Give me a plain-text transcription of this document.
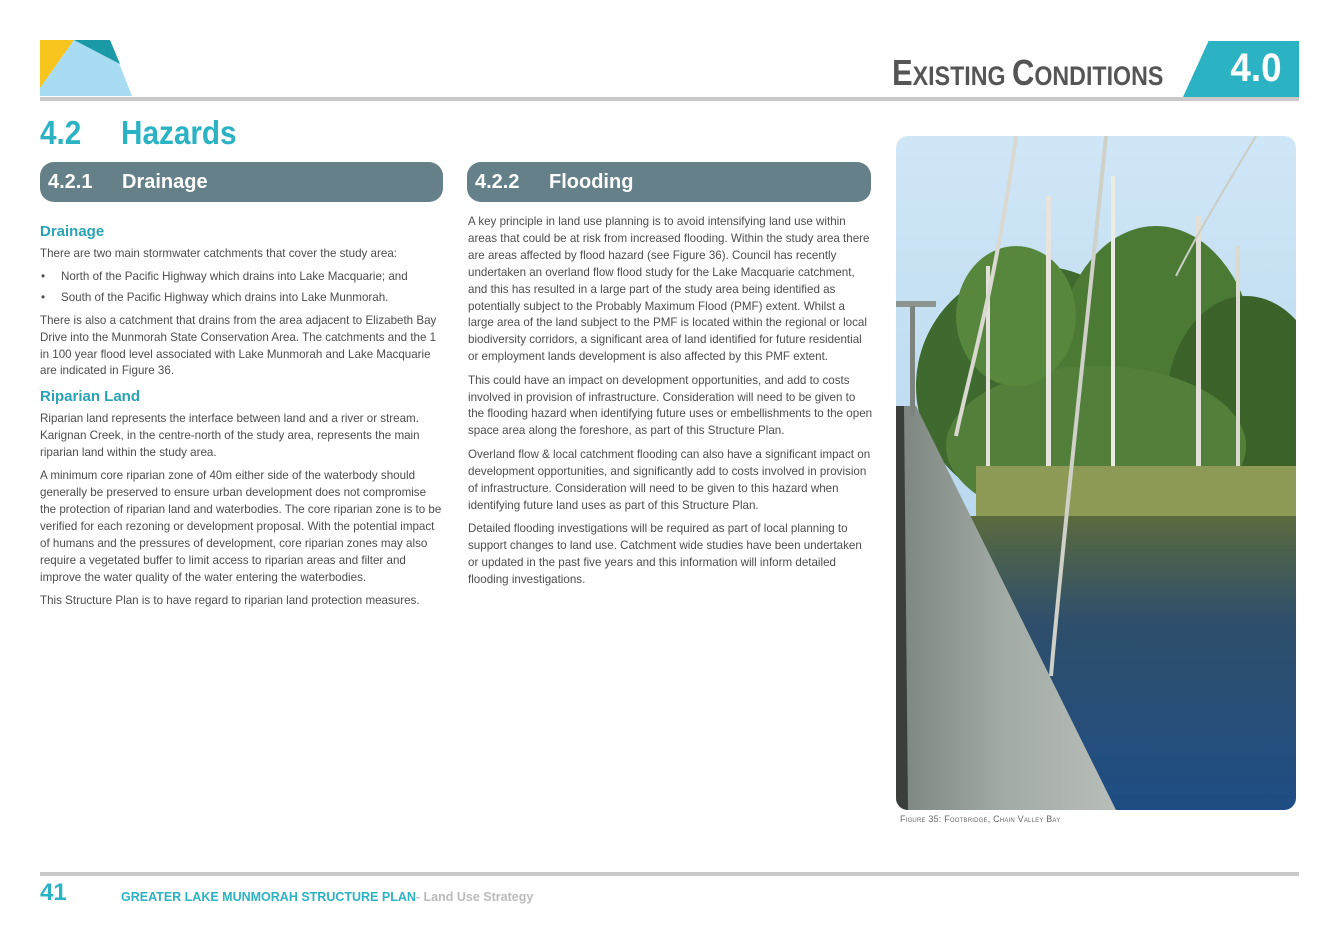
EXISTING CONDITIONS 4.0
4.2 Hazards
4.2.1 Drainage	4.2.2 Flooding
Drainage

There are two main stormwater catchments that cover the study area:

• North of the Pacific Highway which drains into Lake Macquarie; and
• South of the Pacific Highway which drains into Lake Munmorah.

There is also a catchment that drains from the area adjacent to Elizabeth Bay Drive into the Munmorah State Conservation Area. The catchments and the 1 in 100 year flood level associated with Lake Munmorah and Lake Macquarie are indicated in Figure 36.

Riparian Land

Riparian land represents the interface between land and a river or stream. Karignan Creek, in the centre-north of the study area, represents the main riparian land within the study area.

A minimum core riparian zone of 40m either side of the waterbody should generally be preserved to ensure urban development does not compromise the protection of riparian land and waterbodies. The core riparian zone is to be verified for each rezoning or development proposal. With the potential impact of humans and the pressures of development, core riparian zones may also require a vegetated buffer to limit access to riparian areas and filter and improve the water quality of the water entering the waterbodies.

This Structure Plan is to have regard to riparian land protection measures.

A key principle in land use planning is to avoid intensifying land use within areas that could be at risk from increased flooding. Within the study area there are areas affected by flood hazard (see Figure 36). Council has recently undertaken an overland flow flood study for the Lake Macquarie catchment, and this has resulted in a large part of the study area being identified as potentially subject to the Probably Maximum Flood (PMF) extent. Whilst a large area of the land subject to the PMF is located within the regional or local biodiversity corridors, a significant area of land identified for future residential or employment lands development is also affected by this PMF extent.

This could have an impact on development opportunities, and add to costs involved in provision of infrastructure. Consideration will need to be given to the flooding hazard when identifying future uses or embellishments to the open space area along the foreshore, as part of this Structure Plan.

Overland flow & local catchment flooding can also have a significant impact on development opportunities, and significantly add to costs involved in provision of infrastructure. Consideration will need to be given to this hazard when identifying future land uses as part of this Structure Plan.

Detailed flooding investigations will be required as part of local planning to support changes to land use. Catchment wide studies have been undertaken or updated in the past five years and this information will inform detailed flooding investigations.

Figure 35: Footbridge, Chain Valley Bay
41	GREATER LAKE MUNMORAH STRUCTURE PLAN- Land Use Strategy
